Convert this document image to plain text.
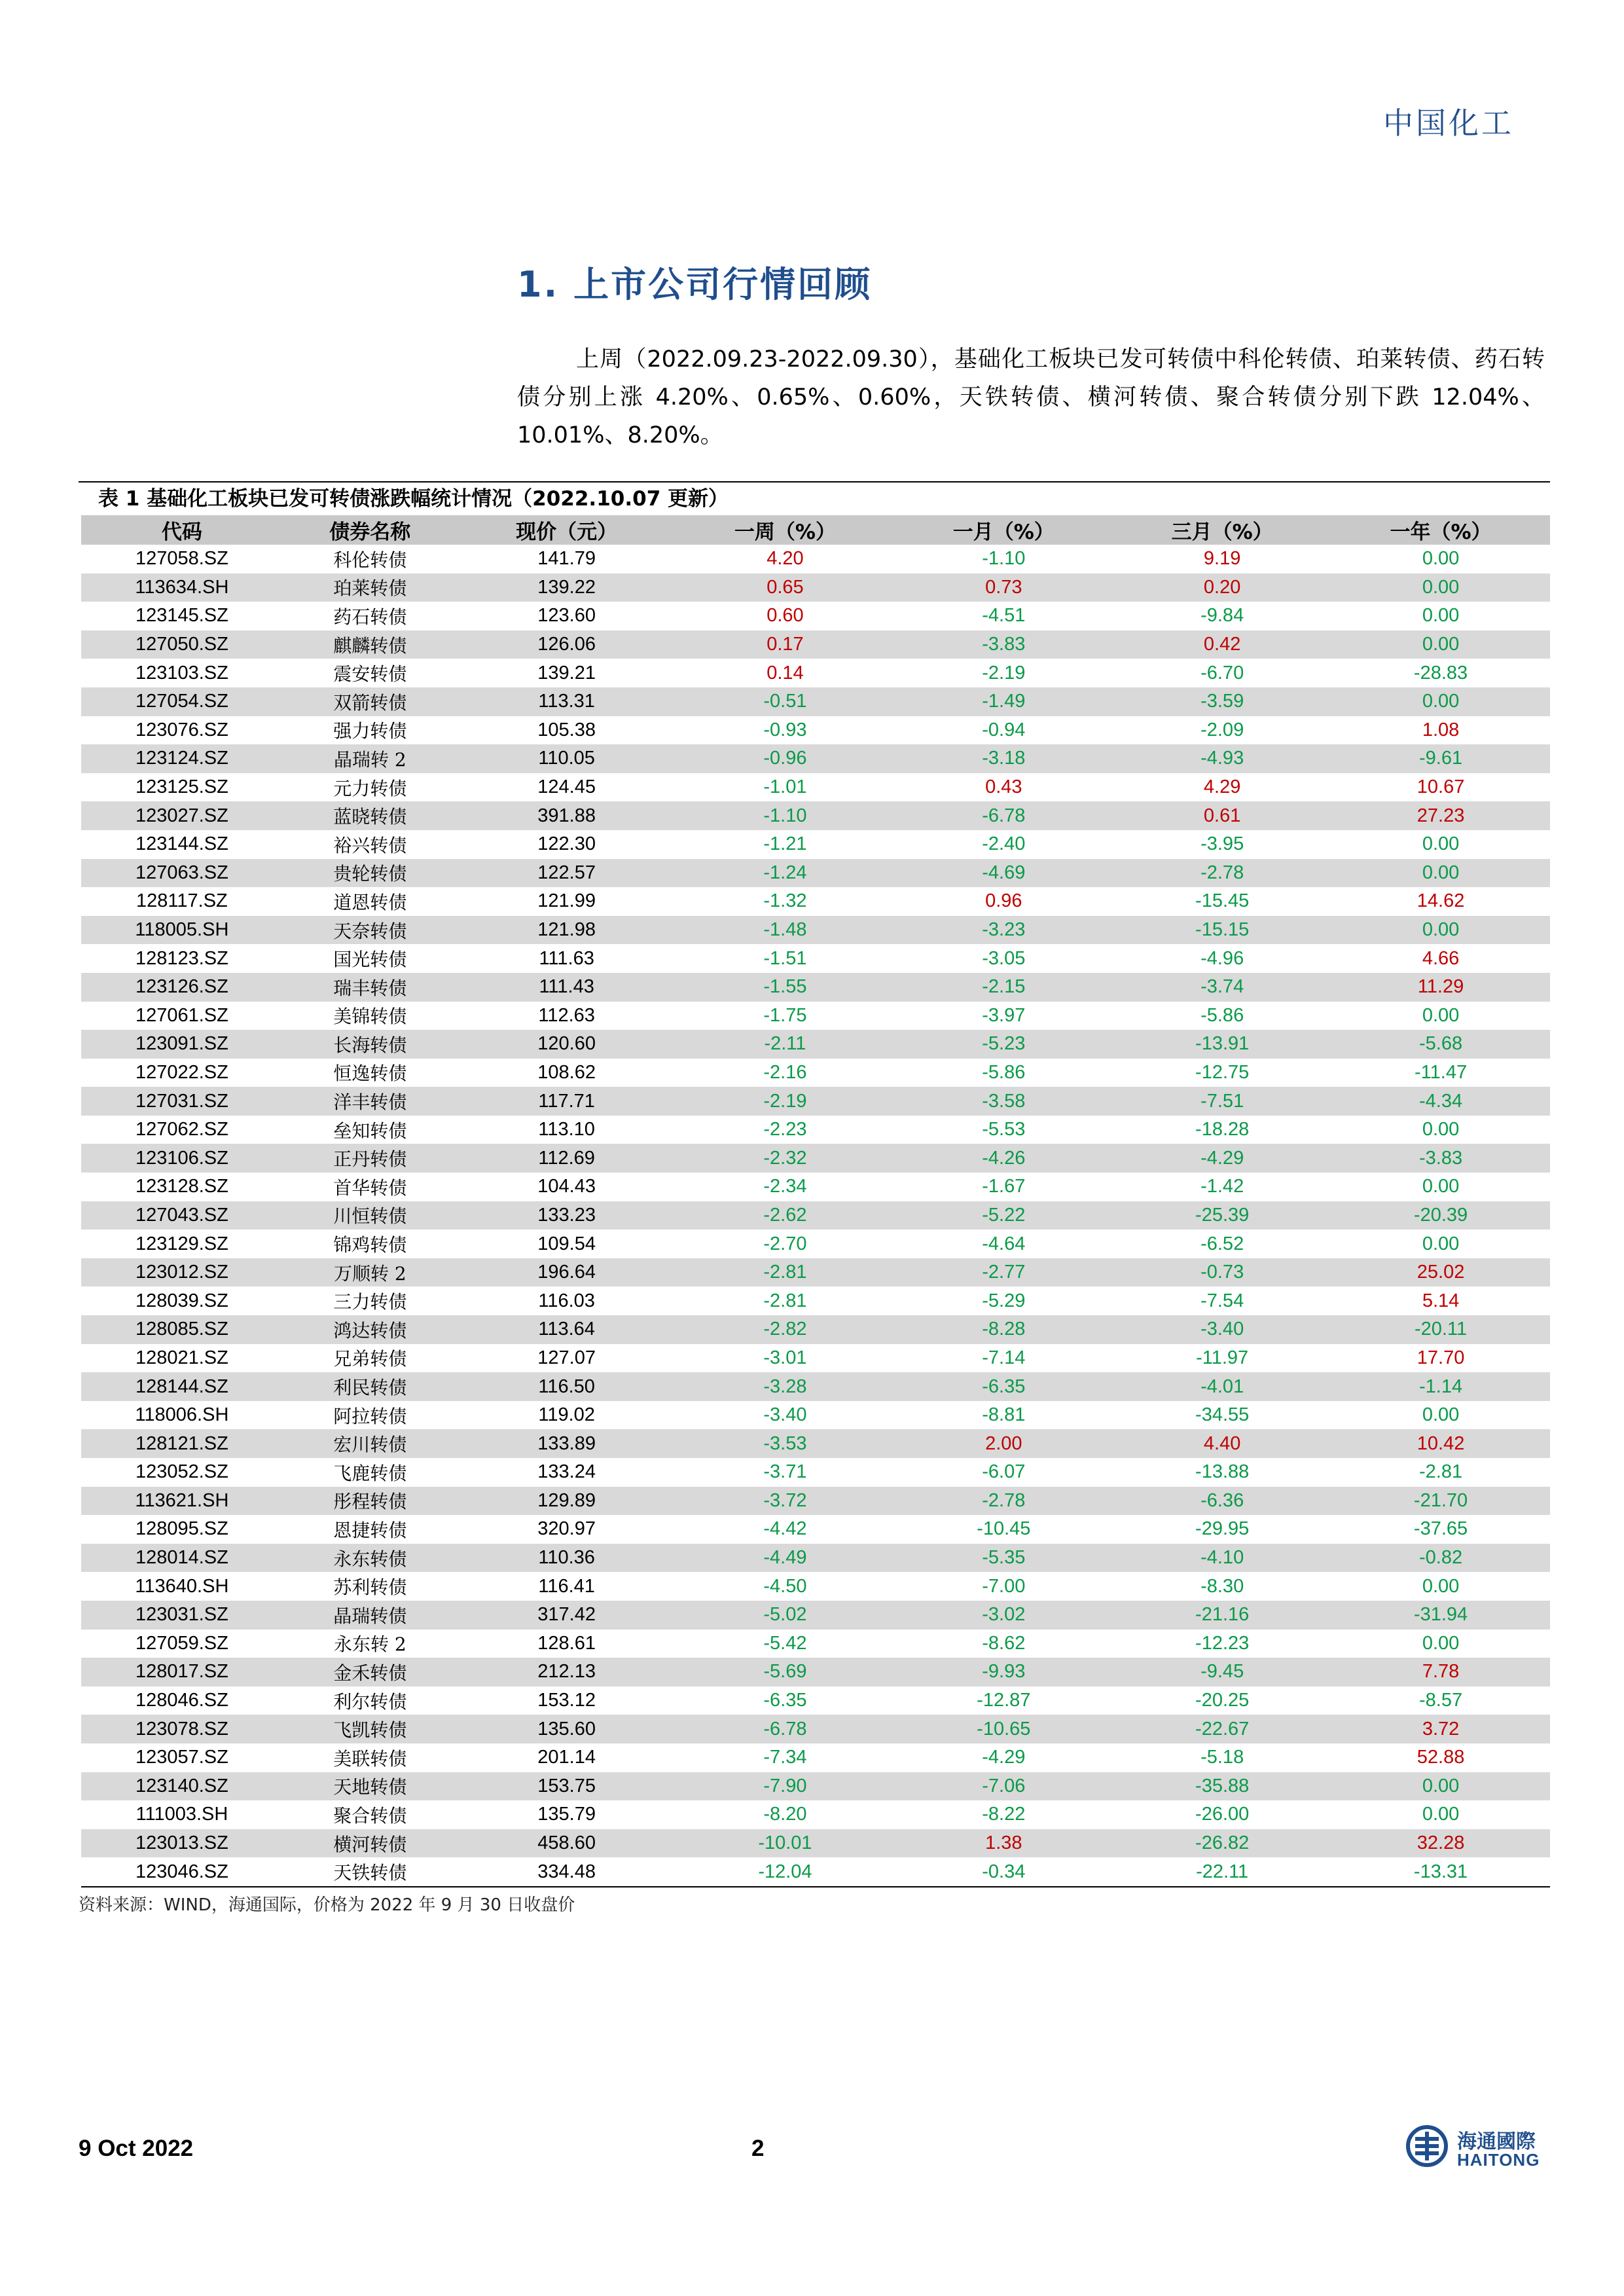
中国化工
1. 上市公司行情回顾

上周（2022.09.23-2022.09.30），基础化工板块已发可转债中科伦转债、珀莱转债、药石转债分别上涨 4.20%、0.65%、0.60%，天铁转债、横河转债、聚合转债分别下跌 12.04%、10.01%、8.20%。

表 1 基础化工板块已发可转债涨跌幅统计情况（2022.10.07 更新）
代码	债券名称	现价（元）	一周（%）	一月（%）	三月（%）	一年（%）
127058.SZ	科伦转债	141.79	4.20	-1.10	9.19	0.00
113634.SH	珀莱转债	139.22	0.65	0.73	0.20	0.00
123145.SZ	药石转债	123.60	0.60	-4.51	-9.84	0.00
127050.SZ	麒麟转债	126.06	0.17	-3.83	0.42	0.00
123103.SZ	震安转债	139.21	0.14	-2.19	-6.70	-28.83
127054.SZ	双箭转债	113.31	-0.51	-1.49	-3.59	0.00
123076.SZ	强力转债	105.38	-0.93	-0.94	-2.09	1.08
123124.SZ	晶瑞转 2	110.05	-0.96	-3.18	-4.93	-9.61
123125.SZ	元力转债	124.45	-1.01	0.43	4.29	10.67
123027.SZ	蓝晓转债	391.88	-1.10	-6.78	0.61	27.23
123144.SZ	裕兴转债	122.30	-1.21	-2.40	-3.95	0.00
127063.SZ	贵轮转债	122.57	-1.24	-4.69	-2.78	0.00
128117.SZ	道恩转债	121.99	-1.32	0.96	-15.45	14.62
118005.SH	天奈转债	121.98	-1.48	-3.23	-15.15	0.00
128123.SZ	国光转债	111.63	-1.51	-3.05	-4.96	4.66
123126.SZ	瑞丰转债	111.43	-1.55	-2.15	-3.74	11.29
127061.SZ	美锦转债	112.63	-1.75	-3.97	-5.86	0.00
123091.SZ	长海转债	120.60	-2.11	-5.23	-13.91	-5.68
127022.SZ	恒逸转债	108.62	-2.16	-5.86	-12.75	-11.47
127031.SZ	洋丰转债	117.71	-2.19	-3.58	-7.51	-4.34
127062.SZ	垒知转债	113.10	-2.23	-5.53	-18.28	0.00
123106.SZ	正丹转债	112.69	-2.32	-4.26	-4.29	-3.83
123128.SZ	首华转债	104.43	-2.34	-1.67	-1.42	0.00
127043.SZ	川恒转债	133.23	-2.62	-5.22	-25.39	-20.39
123129.SZ	锦鸡转债	109.54	-2.70	-4.64	-6.52	0.00
123012.SZ	万顺转 2	196.64	-2.81	-2.77	-0.73	25.02
128039.SZ	三力转债	116.03	-2.81	-5.29	-7.54	5.14
128085.SZ	鸿达转债	113.64	-2.82	-8.28	-3.40	-20.11
128021.SZ	兄弟转债	127.07	-3.01	-7.14	-11.97	17.70
128144.SZ	利民转债	116.50	-3.28	-6.35	-4.01	-1.14
118006.SH	阿拉转债	119.02	-3.40	-8.81	-34.55	0.00
128121.SZ	宏川转债	133.89	-3.53	2.00	4.40	10.42
123052.SZ	飞鹿转债	133.24	-3.71	-6.07	-13.88	-2.81
113621.SH	彤程转债	129.89	-3.72	-2.78	-6.36	-21.70
128095.SZ	恩捷转债	320.97	-4.42	-10.45	-29.95	-37.65
128014.SZ	永东转债	110.36	-4.49	-5.35	-4.10	-0.82
113640.SH	苏利转债	116.41	-4.50	-7.00	-8.30	0.00
123031.SZ	晶瑞转债	317.42	-5.02	-3.02	-21.16	-31.94
127059.SZ	永东转 2	128.61	-5.42	-8.62	-12.23	0.00
128017.SZ	金禾转债	212.13	-5.69	-9.93	-9.45	7.78
128046.SZ	利尔转债	153.12	-6.35	-12.87	-20.25	-8.57
123078.SZ	飞凯转债	135.60	-6.78	-10.65	-22.67	3.72
123057.SZ	美联转债	201.14	-7.34	-4.29	-5.18	52.88
123140.SZ	天地转债	153.75	-7.90	-7.06	-35.88	0.00
111003.SH	聚合转债	135.79	-8.20	-8.22	-26.00	0.00
123013.SZ	横河转债	458.60	-10.01	1.38	-26.82	32.28
123046.SZ	天铁转债	334.48	-12.04	-0.34	-22.11	-13.31
资料来源：WIND，海通国际，价格为 2022 年 9 月 30 日收盘价
9 Oct 2022	2	海通國際
HAITONG
